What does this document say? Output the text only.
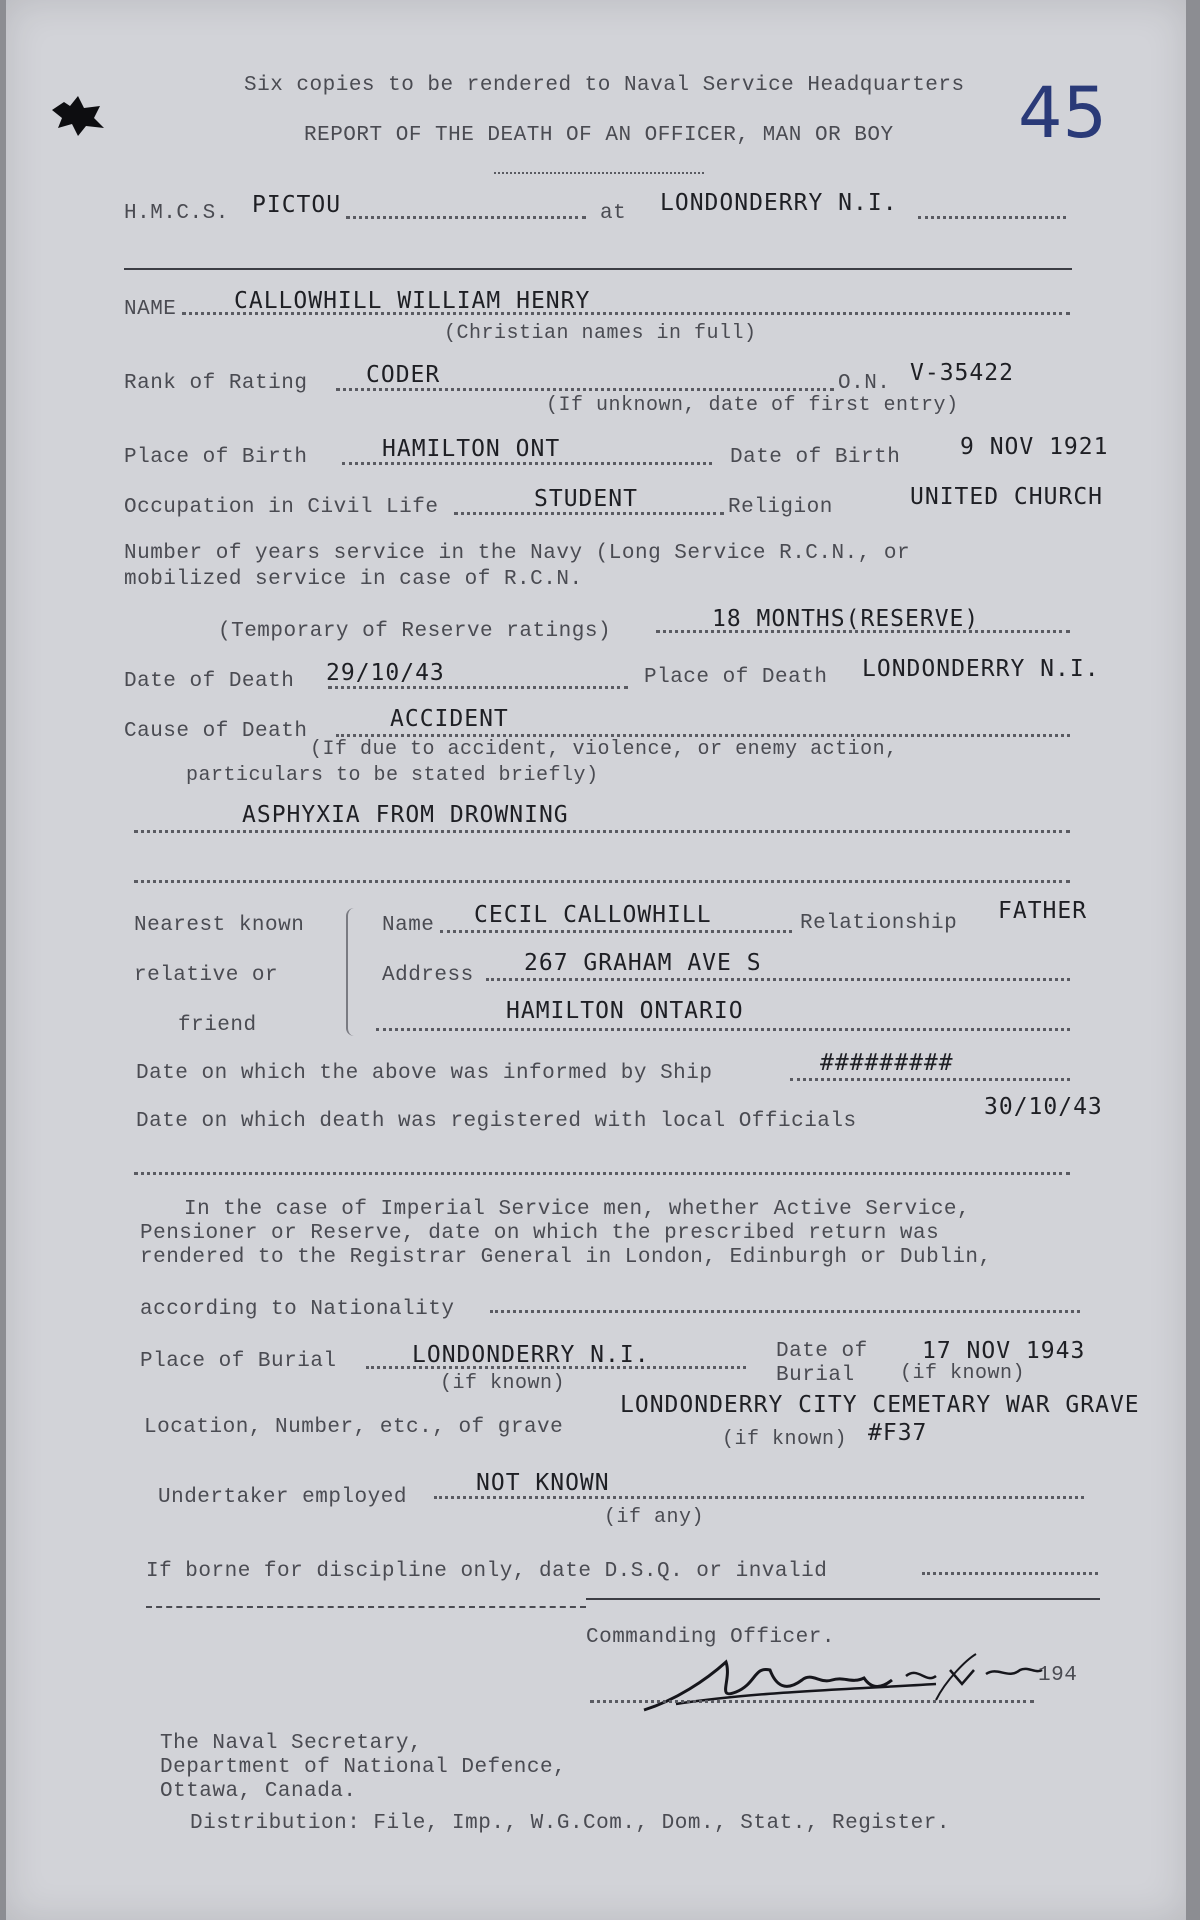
Six copies to be rendered to Naval Service Headquarters
REPORT OF THE DEATH OF AN OFFICER, MAN OR BOY 45
H.M.C.S. PICTOU	at LONDONDERRY N.I.
NAME	CALLOWHILL WILLIAM HENRY
(Christian names in full)
Rank of Rating	CODER	O.N. V-35422
(If unknown, date of first entry)
Place of Birth	HAMILTON ONT	Date of Birth	9 NOV 1921
Occupation in Civil Life	STUDENT	Religion	UNITED CHURCH
Number of years service in the Navy (Long Service R.C.N., or
mobilized service in case of R.C.N.
(Temporary of Reserve ratings)	18 MONTHS(RESERVE)
Date of Death 29/10/43	Place of Death LONDONDERRY N.I.
Cause of Death	ACCIDENT
(If due to accident, violence, or enemy action,
particulars to be stated briefly)
ASPHYXIA FROM DROWNING
Nearest known
relative or
friend
Name CECIL CALLOWHILL	Relationship FATHER
Address 267 GRAHAM AVE S
HAMILTON ONTARIO
Date on which the above was informed by Ship	#########
Date on which death was registered with local Officials
30/10/43
In the case of Imperial Service men, whether Active Service,
Pensioner or Reserve, date on which the prescribed return was
rendered to the Registrar General in London, Edinburgh or Dublin,
according to Nationality
Place of Burial	LONDONDERRY N.I.
(if known)
Date of
Burial (if known)
17 NOV 1943
Location, Number, etc., of grave
LONDONDERRY CITY CEMETARY WAR GRAVE
(if known) #F37
Undertaker employed
NOT KNOWN
(if any)
If borne for discipline only, date D.S.Q. or invalid
Commanding Officer.
194
The Naval Secretary,
Department of National Defence,
Ottawa, Canada.
Distribution: File, Imp., W.G.Com., Dom., Stat., Register.
